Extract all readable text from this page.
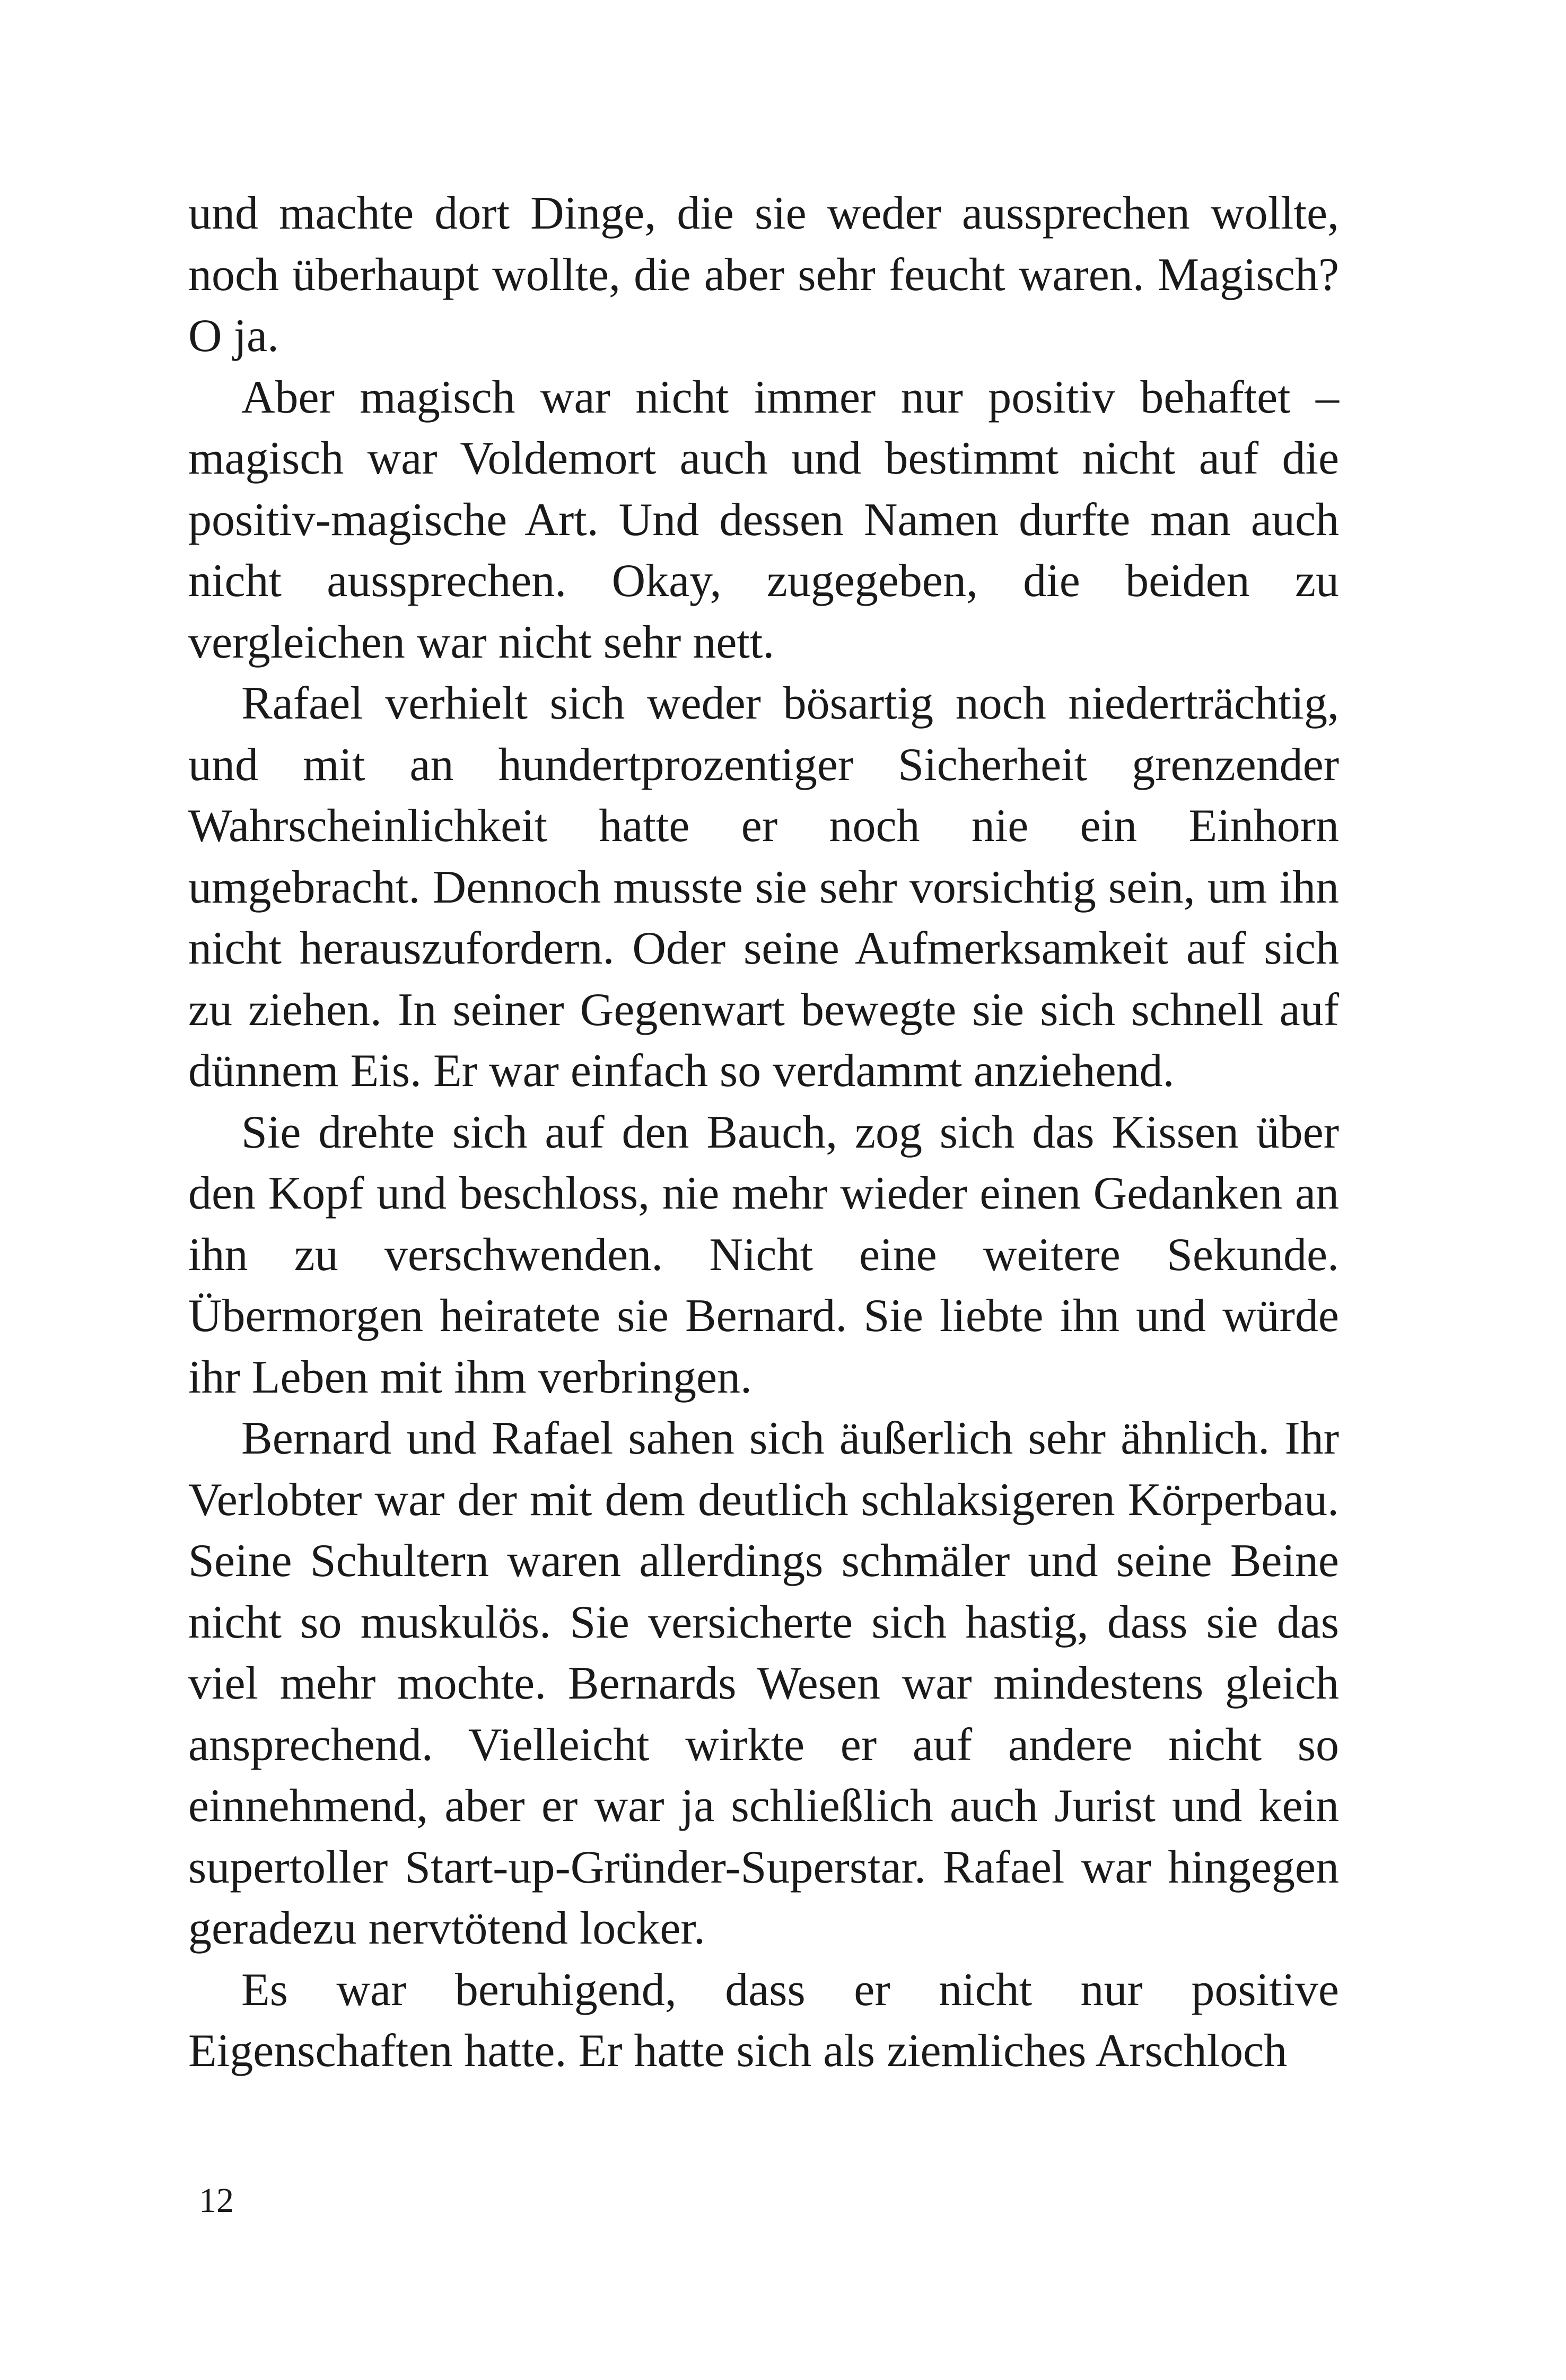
und machte dort Dinge, die sie weder aussprechen wollte, noch überhaupt wollte, die aber sehr feucht waren. Magisch? O ja.

Aber magisch war nicht immer nur positiv behaftet – magisch war Voldemort auch und bestimmt nicht auf die positiv-magische Art. Und dessen Namen durfte man auch nicht aussprechen. Okay, zugegeben, die beiden zu vergleichen war nicht sehr nett.

Rafael verhielt sich weder bösartig noch niederträchtig, und mit an hundertprozentiger Sicherheit grenzender Wahrscheinlichkeit hatte er noch nie ein Einhorn umgebracht. Dennoch musste sie sehr vorsichtig sein, um ihn nicht herauszufordern. Oder seine Aufmerksamkeit auf sich zu ziehen. In seiner Gegenwart bewegte sie sich schnell auf dünnem Eis. Er war einfach so verdammt anziehend.

Sie drehte sich auf den Bauch, zog sich das Kissen über den Kopf und beschloss, nie mehr wieder einen Gedanken an ihn zu verschwenden. Nicht eine weitere Sekunde. Übermorgen heiratete sie Bernard. Sie liebte ihn und würde ihr Leben mit ihm verbringen.

Bernard und Rafael sahen sich äußerlich sehr ähnlich. Ihr Verlobter war der mit dem deutlich schlaksigeren Körperbau. Seine Schultern waren allerdings schmäler und seine Beine nicht so muskulös. Sie versicherte sich hastig, dass sie das viel mehr mochte. Bernards Wesen war mindestens gleich ansprechend. Vielleicht wirkte er auf andere nicht so einnehmend, aber er war ja schließlich auch Jurist und kein supertoller Start-up-Gründer-Superstar. Rafael war hingegen geradezu nervtötend locker.

Es war beruhigend, dass er nicht nur positive Eigenschaften hatte. Er hatte sich als ziemliches Arschloch

12
